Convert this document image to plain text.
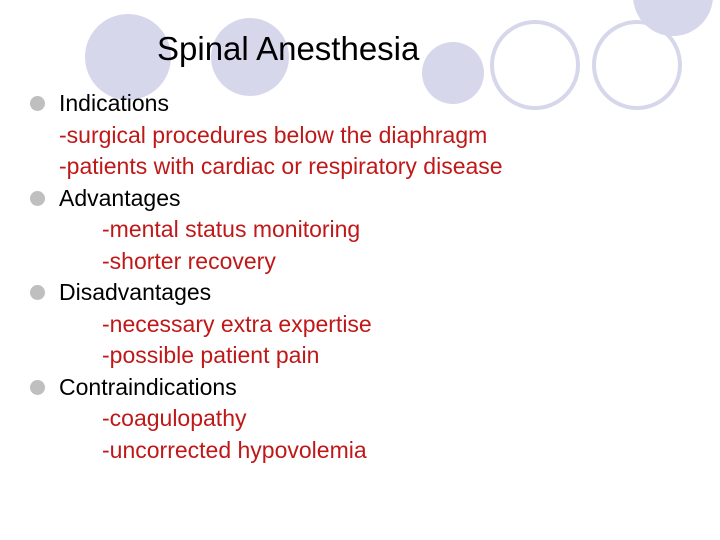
Spinal Anesthesia
Indications
-surgical procedures below the diaphragm
-patients with cardiac or respiratory disease
Advantages
-mental status monitoring
-shorter recovery
Disadvantages
-necessary extra expertise
-possible patient pain
Contraindications
-coagulopathy
-uncorrected hypovolemia
